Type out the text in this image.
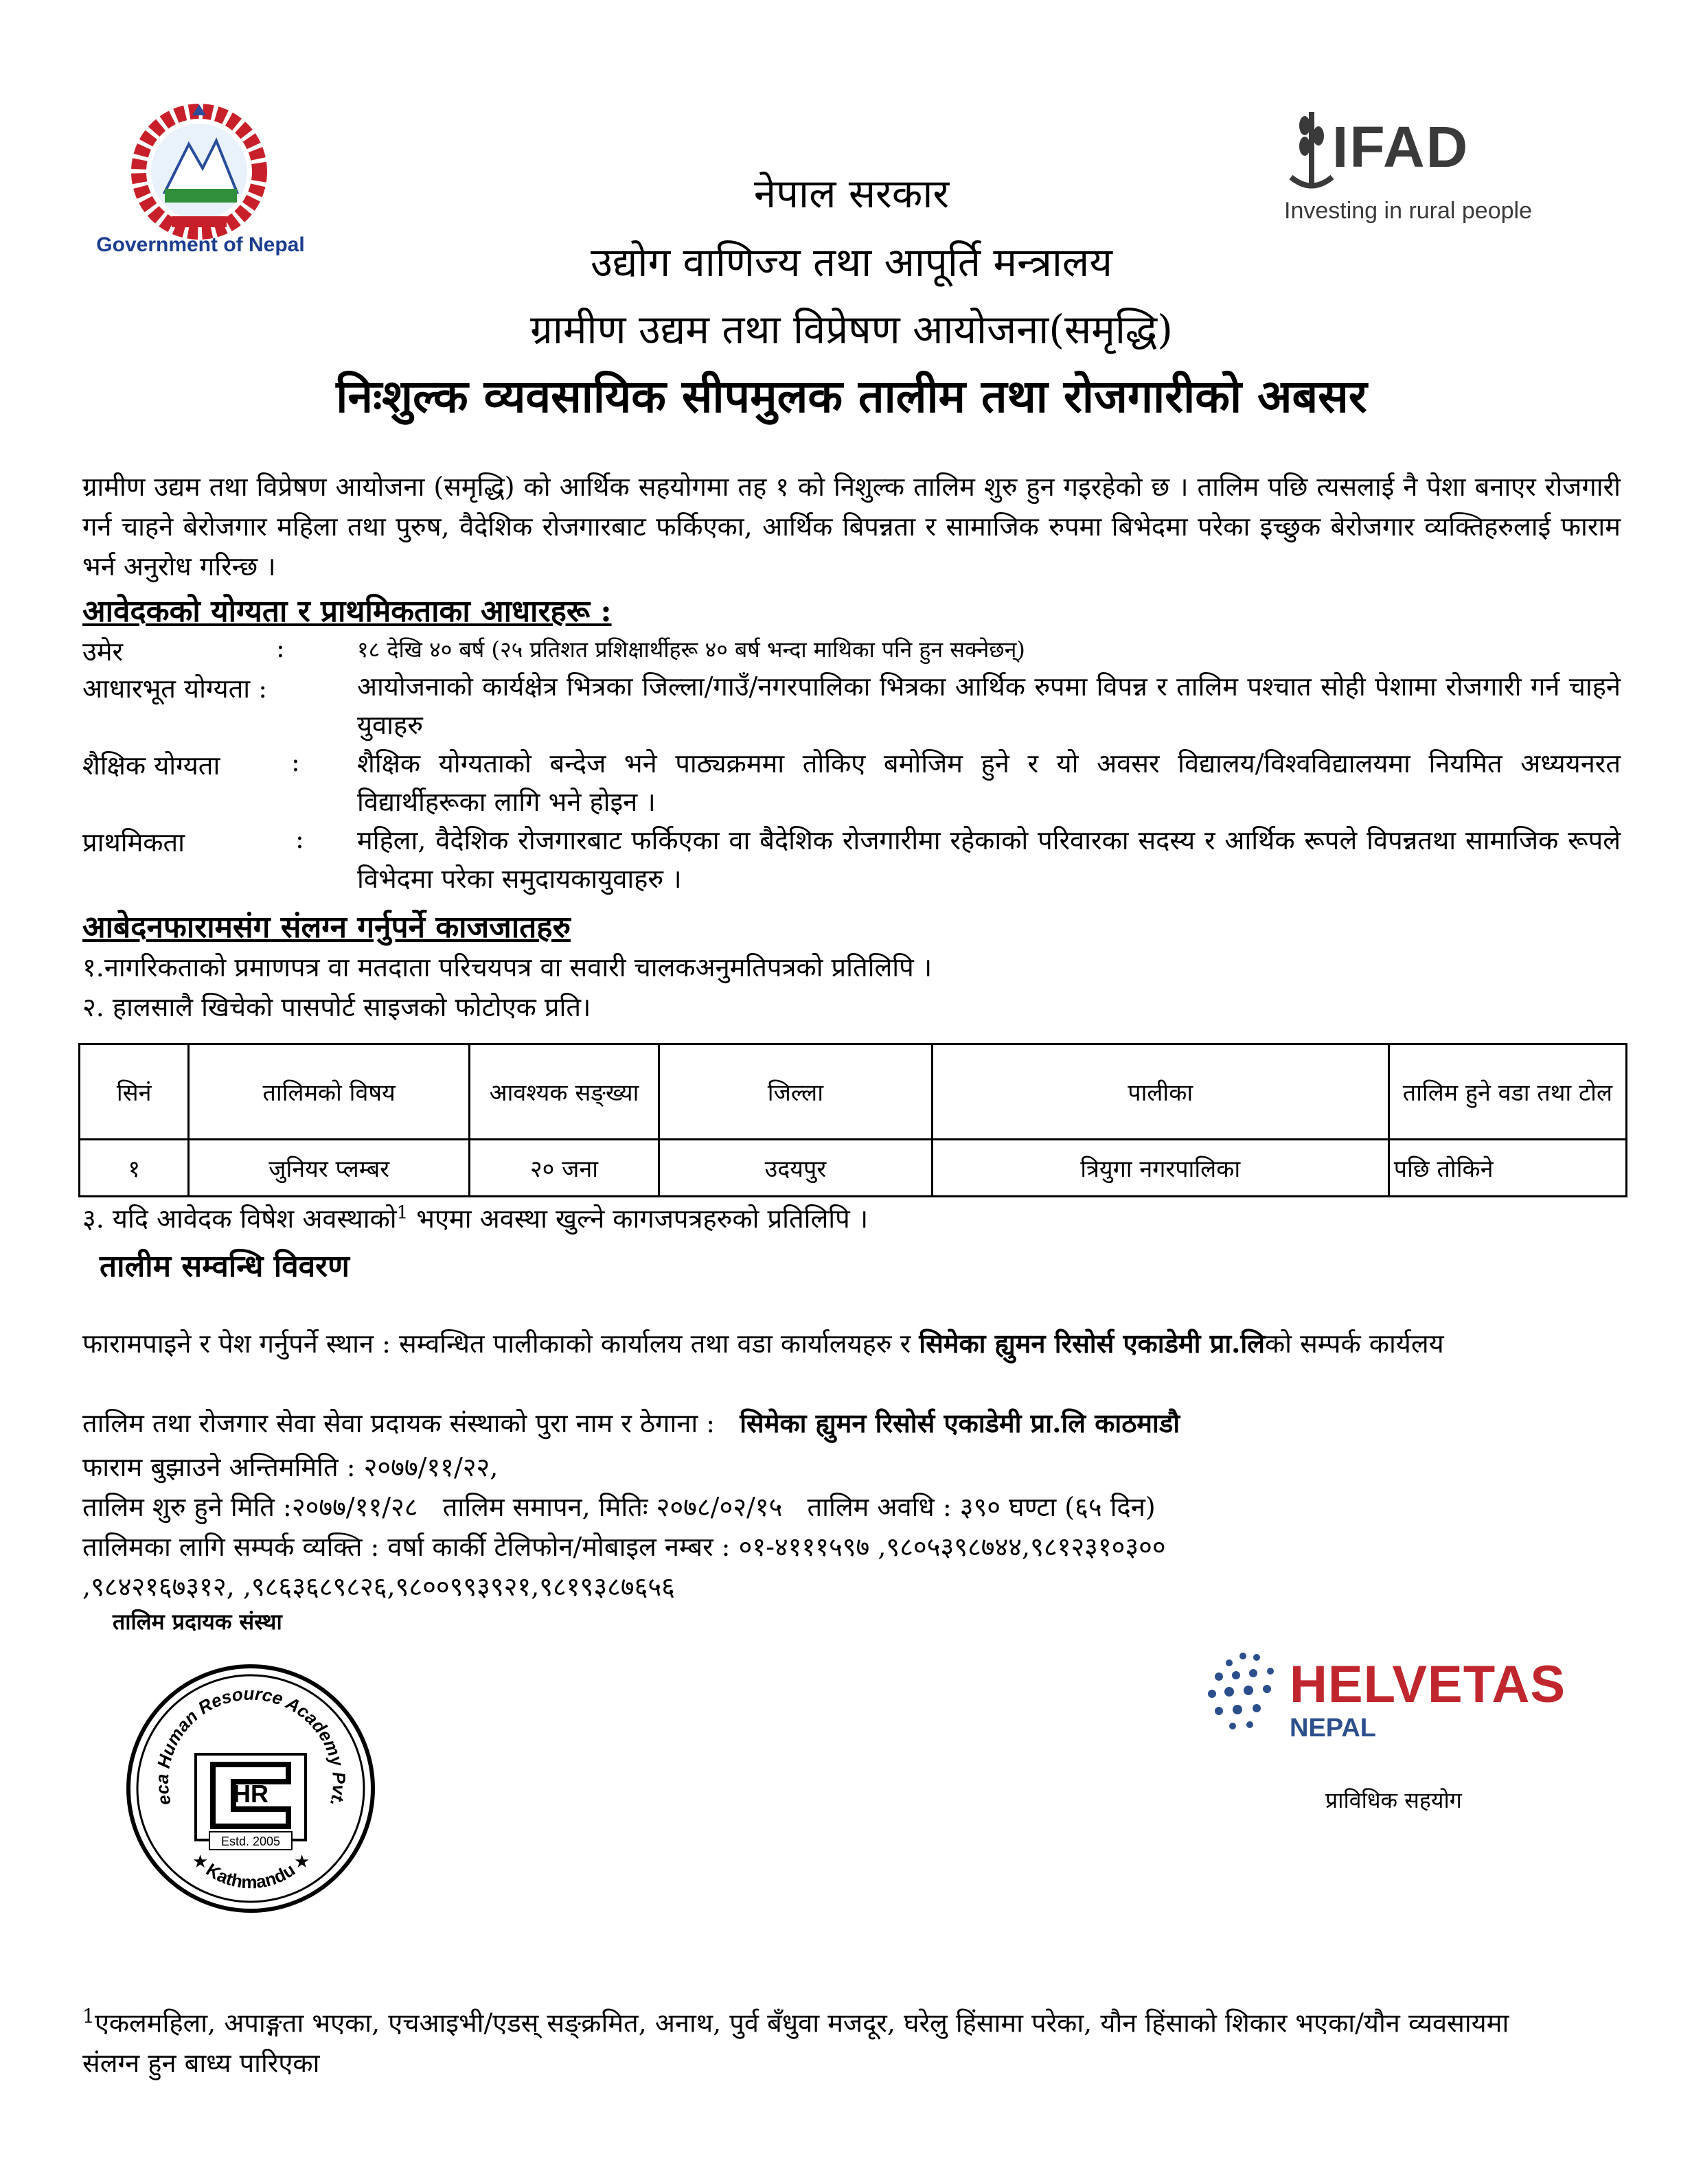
Government of Nepal
IFAD
Investing in rural people
नेपाल सरकार
उद्योग वाणिज्य तथा आपूर्ति मन्त्रालय
ग्रामीण उद्यम तथा विप्रेषण आयोजना(समृद्धि)
निःशुल्क व्यवसायिक सीपमुलक तालीम तथा रोजगारीको अबसर
ग्रामीण उद्यम तथा विप्रेषण आयोजना (समृद्धि) को आर्थिक सहयोगमा तह १ को निशुल्क तालिम शुरु हुन गइरहेको छ । तालिम पछि त्यसलाई नै पेशा बनाएर रोजगारी गर्न चाहने बेरोजगार महिला तथा पुरुष, वैदेशिक रोजगारबाट फर्किएका, आर्थिक बिपन्नता र सामाजिक रुपमा बिभेदमा परेका इच्छुक बेरोजगार व्यक्तिहरुलाई फाराम भर्न अनुरोध गरिन्छ ।
आवेदकको योग्यता र प्राथमिकताका आधारहरू :
उमेर	:	१८ देखि ४० बर्ष (२५ प्रतिशत प्रशिक्षार्थीहरू ४० बर्ष भन्दा माथिका पनि हुन सक्नेछन्)
आधारभूत योग्यता :	आयोजनाको कार्यक्षेत्र भित्रका जिल्ला/गाउँ/नगरपालिका भित्रका आर्थिक रुपमा विपन्न र तालिम पश्चात सोही पेशामा रोजगारी गर्न चाहने युवाहरु
शैक्षिक योग्यता	: शैक्षिक योग्यताको बन्देज भने पाठ्यक्रममा तोकिए बमोजिम हुने र यो अवसर विद्यालय/विश्वविद्यालयमा नियमित अध्ययनरत विद्यार्थीहरूका लागि भने होइन ।
प्राथमिकता	: महिला, वैदेशिक रोजगारबाट फर्किएका वा बैदेशिक रोजगारीमा रहेकाको परिवारका सदस्य र आर्थिक रूपले विपन्नतथा सामाजिक रूपले विभेदमा परेका समुदायकायुवाहरु ।
आबेदनफारामसंग संलग्न गर्नुपर्ने काजजातहरु
१.नागरिकताको प्रमाणपत्र वा मतदाता परिचयपत्र वा सवारी चालकअनुमतिपत्रको प्रतिलिपि ।
२. हालसालै खिचेको पासपोर्ट साइजको फोटोएक प्रति।
सिनं	तालिमको विषय	आवश्यक सङ्ख्या	जिल्ला	पालीका	तालिम हुने वडा तथा टोल
१	जुनियर प्लम्बर	२० जना	उदयपुर	त्रियुगा नगरपालिका	पछि तोकिने
३. यदि आवेदक विषेश अवस्थाको$^1$ भएमा अवस्था खुल्ने कागजपत्रहरुको प्रतिलिपि ।
तालीम सम्वन्धि विवरण
फारामपाइने र पेश गर्नुपर्ने स्थान : सम्वन्धित पालीकाको कार्यालय तथा वडा कार्यालयहरु र सिमेका ह्युमन रिसोर्स एकाडेमी प्रा.लिको सम्पर्क कार्यलय
तालिम तथा रोजगार सेवा सेवा प्रदायक संस्थाको पुरा नाम र ठेगाना : सिमेका ह्युमन रिसोर्स एकाडेमी प्रा.लि काठमाडौ
फाराम बुझाउने अन्तिममिति : २०७७/११/२२,
तालिम शुरु हुने मिति :२०७७/११/२८   तालिम समापन, मितिः २०७८/०२/१५   तालिम अवधि : ३९० घण्टा (६५ दिन)
तालिमका लागि सम्पर्क व्यक्ति : वर्षा कार्की टेलिफोन/मोबाइल नम्बर : ०१-४१११५९७ ,९८०५३९८७४४,९८१२३१०३००
,९८४२१६७३१२, ,९८६३६८९८२६,९८००९९३९२१,९८१९३८७६५६
तालिम प्रदायक संस्था
eca Human Resource Academy Pvt.
Kathmandu
★	★
HR
Estd. 2005
HELVETAS
NEPAL
प्राविधिक सहयोग
$^1$एकलमहिला, अपाङ्गता भएका, एचआइभी/एडस् सङ्क्रमित, अनाथ, पुर्व बँधुवा मजदूर, घरेलु हिंसामा परेका, यौन हिंसाको शिकार भएका/यौन व्यवसायमा संलग्न हुन बाध्य पारिएका
